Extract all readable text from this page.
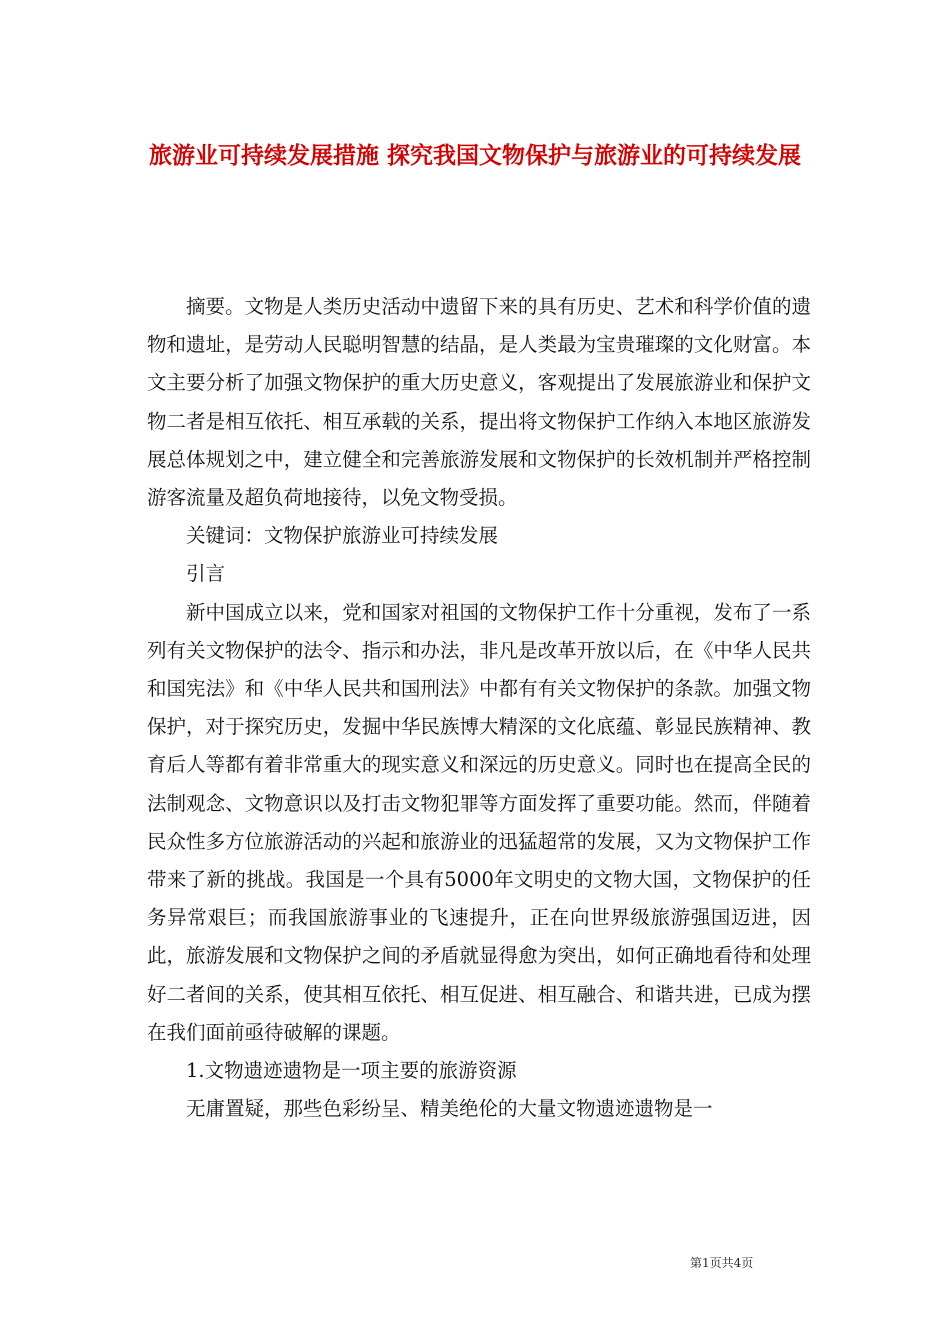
旅游业可持续发展措施 探究我国文物保护与旅游业的可持续发展

摘要。文物是人类历史活动中遗留下来的具有历史、艺术和科学价值的遗物和遗址，是劳动人民聪明智慧的结晶，是人类最为宝贵璀璨的文化财富。本文主要分析了加强文物保护的重大历史意义，客观提出了发展旅游业和保护文物二者是相互依托、相互承载的关系，提出将文物保护工作纳入本地区旅游发展总体规划之中，建立健全和完善旅游发展和文物保护的长效机制并严格控制游客流量及超负荷地接待，以免文物受损。

关键词：文物保护旅游业可持续发展

引言

新中国成立以来，党和国家对祖国的文物保护工作十分重视，发布了一系列有关文物保护的法令、指示和办法，非凡是改革开放以后，在《中华人民共和国宪法》和《中华人民共和国刑法》中都有有关文物保护的条款。加强文物保护，对于探究历史，发掘中华民族博大精深的文化底蕴、彰显民族精神、教育后人等都有着非常重大的现实意义和深远的历史意义。同时也在提高全民的法制观念、文物意识以及打击文物犯罪等方面发挥了重要功能。然而，伴随着民众性多方位旅游活动的兴起和旅游业的迅猛超常的发展，又为文物保护工作带来了新的挑战。我国是一个具有5000年文明史的文物大国，文物保护的任务异常艰巨；而我国旅游事业的飞速提升，正在向世界级旅游强国迈进，因此，旅游发展和文物保护之间的矛盾就显得愈为突出，如何正确地看待和处理好二者间的关系，使其相互依托、相互促进、相互融合、和谐共进，已成为摆在我们面前亟待破解的课题。

1.文物遗迹遗物是一项主要的旅游资源

无庸置疑，那些色彩纷呈、精美绝伦的大量文物遗迹遗物是一

第1页共4页
